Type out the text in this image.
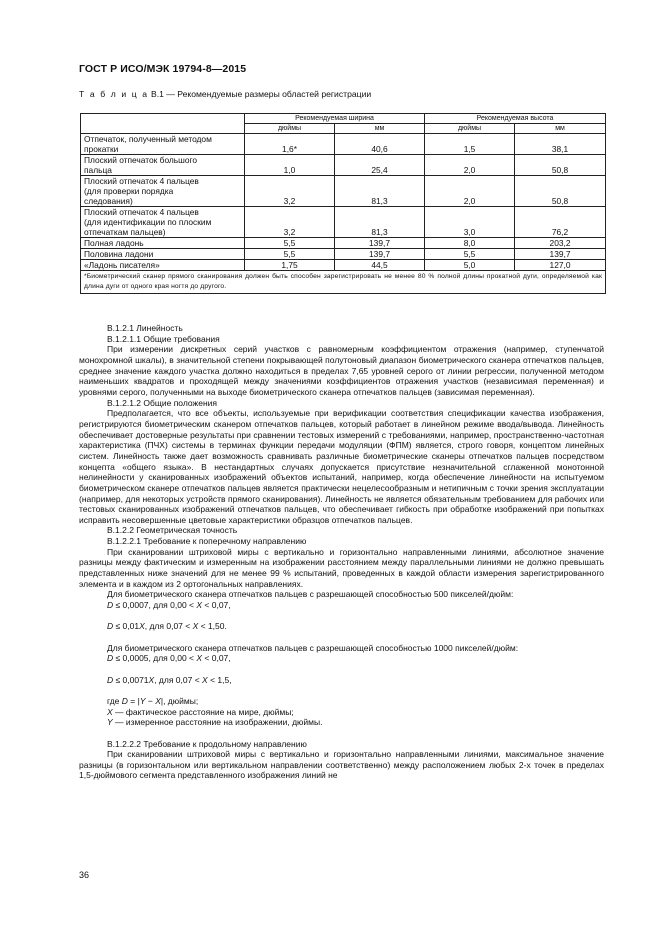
ГОСТ Р ИСО/МЭК 19794-8—2015
Т а б л и ц а В.1 — Рекомендуемые размеры областей регистрации
	Рекомендуемая ширина		Рекомендуемая высота	
	дюймы	мм	дюймы	мм
Отпечаток, полученный методом
прокатки	1,6*	40,6	1,5	38,1
Плоский отпечаток большого
пальца	1,0	25,4	2,0	50,8
Плоский отпечаток 4 пальцев
(для проверки порядка
следования)	3,2	81,3	2,0	50,8
Плоский отпечаток 4 пальцев
(для идентификации по плоским
отпечаткам пальцев)	3,2	81,3	3,0	76,2
Полная ладонь	5,5	139,7	8,0	203,2
Половина ладони	5,5	139,7	5,5	139,7
«Ладонь писателя»	1,75	44,5	5,0	127,0
*Биометрический сканер прямого сканирования должен быть способен зарегистрировать не менее 80 % полной длины прокатной дуги, определяемой как длина дуги от одного края ногтя до другого.				

В.1.2.1 Линейность

В.1.2.1.1 Общие требования

При измерении дискретных серий участков с равномерным коэффициентом отражения (например, ступенчатой монохромной шкалы), в значительной степени покрывающей полутоновый диапазон биометрического сканера отпечатков пальцев, среднее значение каждого участка должно находиться в пределах 7,65 уровней серого от линии регрессии, полученной методом наименьших квадратов и проходящей между значениями коэффициентов отражения участков (независимая переменная) и уровнями серого, полученными на выходе биометрического сканера отпечатков пальцев (зависимая переменная).

В.1.2.1.2 Общие положения

Предполагается, что все объекты, используемые при верификации соответствия спецификации качества изображения, регистрируются биометрическим сканером отпечатков пальцев, который работает в линейном режиме ввода/вывода. Линейность обеспечивает достоверные результаты при сравнении тестовых измерений с требованиями, например, пространственно-частотная характеристика (ПЧХ) системы в терминах функции передачи модуляции (ФПМ) является, строго говоря, концептом линейных систем. Линейность также дает возможность сравнивать различные биометрические сканеры отпечатков пальцев посредством концепта «общего языка». В нестандартных случаях допускается присутствие незначительной сглаженной монотонной нелинейности у сканированных изображений объектов испытаний, например, когда обеспечение линейности на испытуемом биометрическом сканере отпечатков пальцев является практически нецелесообразным и нетипичным с точки зрения эксплуатации (например, для некоторых устройств прямого сканирования). Линейность не является обязательным требованием для рабочих или тестовых сканированных изображений отпечатков пальцев, что обеспечивает гибкость при обработке изображений при попытках исправить несовершенные цветовые характеристики образцов отпечатков пальцев.

В.1.2.2 Геометрическая точность

В.1.2.2.1 Требование к поперечному направлению

При сканировании штриховой миры с вертикально и горизонтально направленными линиями, абсолютное значение разницы между фактическим и измеренным на изображении расстоянием между параллельными линиями не должно превышать представленных ниже значений для не менее 99 % испытаний, проведенных в каждой области измерения зарегистрированного элемента и в каждом из 2 ортогональных направлениях.

Для биометрического сканера отпечатков пальцев с разрешающей способностью 500 пикселей/дюйм:

D ≤ 0,0007, для 0,00 < X < 0,07,

D ≤ 0,01X, для 0,07 < X < 1,50.

Для биометрического сканера отпечатков пальцев с разрешающей способностью 1000 пикселей/дюйм:

D ≤ 0,0005, для 0,00 < X < 0,07,

D ≤ 0,0071X, для 0,07 < X < 1,5,

где D = |Y − X|, дюймы;

X — фактическое расстояние на мире, дюймы;

Y — измеренное расстояние на изображении, дюймы.

В.1.2.2.2 Требование к продольному направлению

При сканировании штриховой миры с вертикально и горизонтально направленными линиями, максимальное значение разницы (в горизонтальном или вертикальном направлении соответственно) между расположением любых 2-х точек в пределах 1,5-дюймового сегмента представленного изображения линий не

36
